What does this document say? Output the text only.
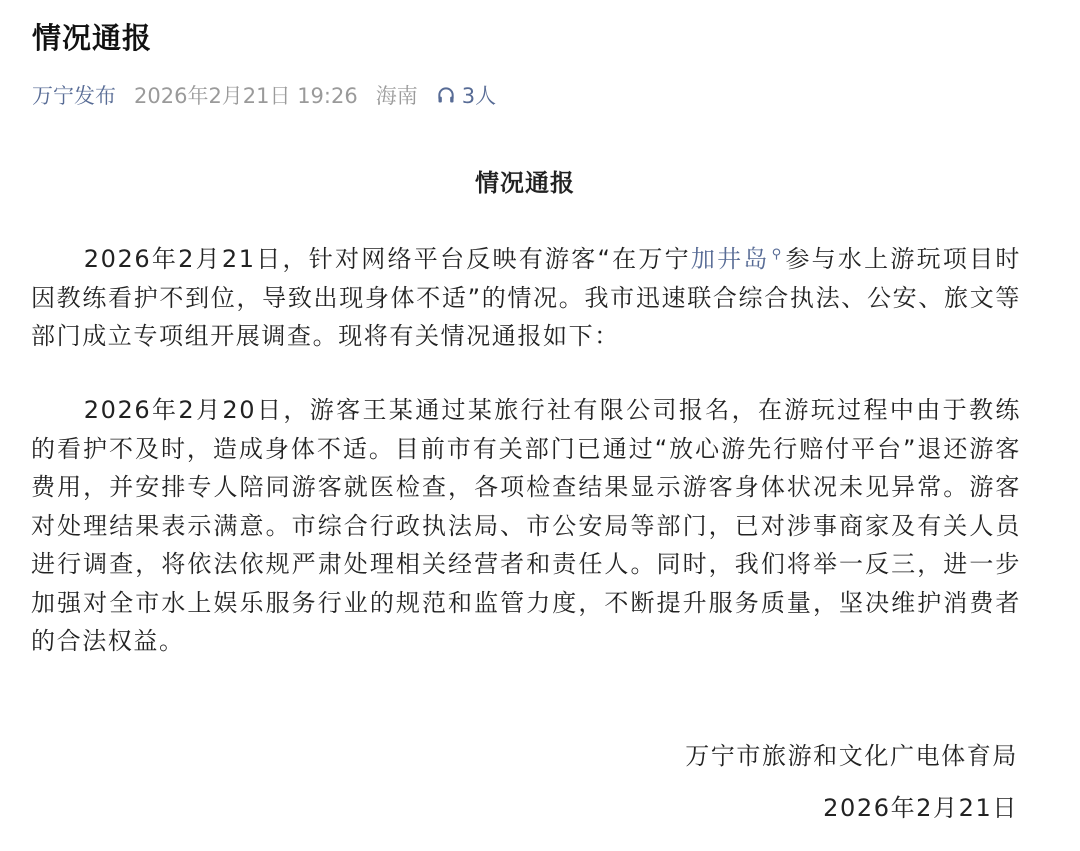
情况通报
万宁发布 2026年2月21日 19:26 海南 3人
情况通报

2026年2月21日，针对网络平台反映有游客“在万宁加井岛 ⚲参与水上游玩项目时因教练看护不到位，导致出现身体不适”的情况。我市迅速联合综合执法、公安、旅文等部门成立专项组开展调查。现将有关情况通报如下：

2026年2月20日，游客王某通过某旅行社有限公司报名，在游玩过程中由于教练的看护不及时，造成身体不适。目前市有关部门已通过“放心游先行赔付平台”退还游客费用，并安排专人陪同游客就医检查，各项检查结果显示游客身体状况未见异常。游客对处理结果表示满意。市综合行政执法局、市公安局等部门，已对涉事商家及有关人员进行调查，将依法依规严肃处理相关经营者和责任人。同时，我们将举一反三，进一步加强对全市水上娱乐服务行业的规范和监管力度，不断提升服务质量，坚决维护消费者的合法权益。

万宁市旅游和文化广电体育局
2026年2月21日
